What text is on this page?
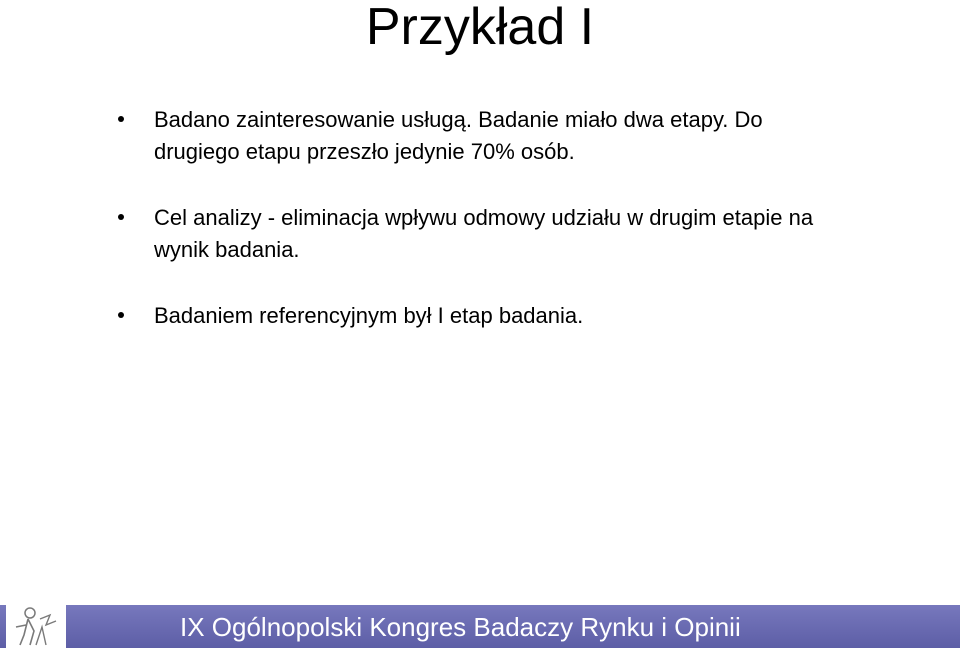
Przykład I
Badano zainteresowanie usługą. Badanie miało dwa etapy. Do drugiego etapu przeszło jedynie 70% osób.
Cel analizy - eliminacja wpływu odmowy udziału w drugim etapie na wynik badania.
Badaniem referencyjnym był I etap badania.
IX Ogólnopolski Kongres Badaczy Rynku i Opinii
